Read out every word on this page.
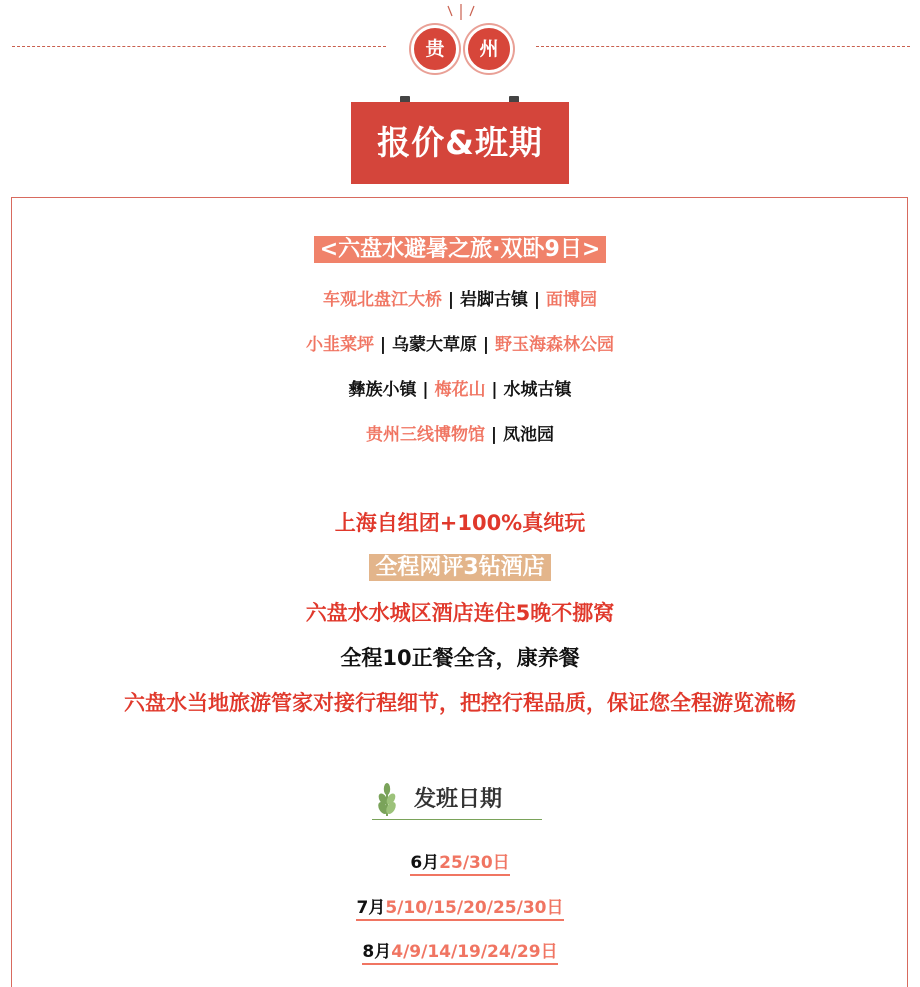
贵	州
报价&班期
<六盘水避暑之旅·双卧9日>
车观北盘江大桥 | 岩脚古镇 | 面博园
小韭菜坪 | 乌蒙大草原 | 野玉海森林公园
彝族小镇 | 梅花山 | 水城古镇
贵州三线博物馆 | 凤池园
上海自组团+100%真纯玩
全程网评3钻酒店
六盘水水城区酒店连住5晚不挪窝
全程10正餐全含，康养餐
六盘水当地旅游管家对接行程细节，把控行程品质，保证您全程游览流畅
发班日期
6月25/30日
7月5/10/15/20/25/30日
8月4/9/14/19/24/29日
